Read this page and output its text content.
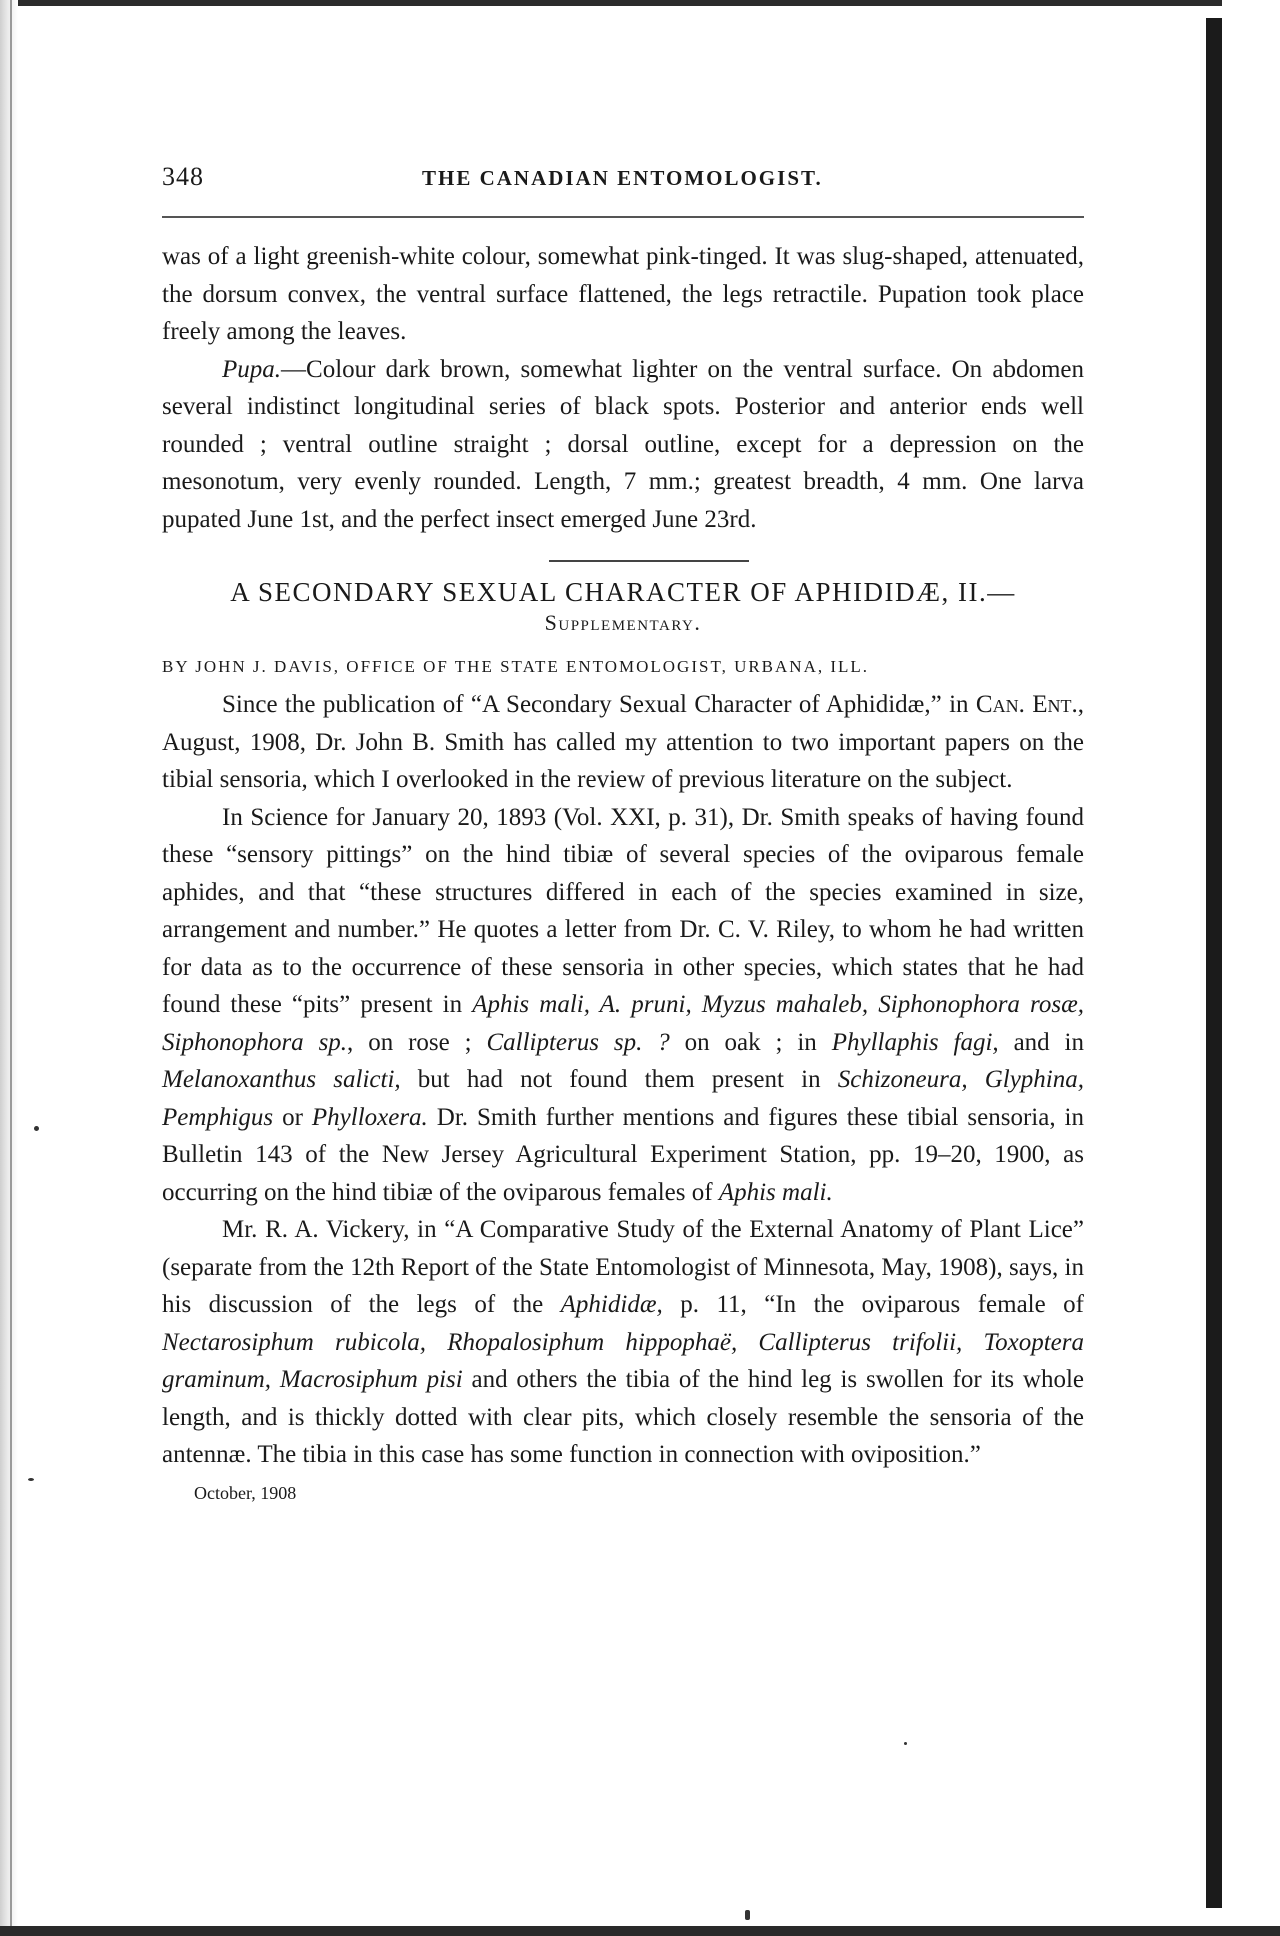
348	THE CANADIAN ENTOMOLOGIST.

was of a light greenish-white colour, somewhat pink-tinged. It was slug-shaped, attenuated, the dorsum convex, the ventral surface flattened, the legs retractile. Pupation took place freely among the leaves.

Pupa.—Colour dark brown, somewhat lighter on the ventral surface. On abdomen several indistinct longitudinal series of black spots. Posterior and anterior ends well rounded ; ventral outline straight ; dorsal outline, except for a depression on the mesonotum, very evenly rounded. Length, 7 mm.; greatest breadth, 4 mm. One larva pupated June 1st, and the perfect insect emerged June 23rd.

A SECONDARY SEXUAL CHARACTER OF APHIDIDÆ, II.—
Supplementary.
BY JOHN J. DAVIS, OFFICE OF THE STATE ENTOMOLOGIST, URBANA, ILL.

Since the publication of “A Secondary Sexual Character of Aphididæ,” in Can. Ent., August, 1908, Dr. John B. Smith has called my attention to two important papers on the tibial sensoria, which I overlooked in the review of previous literature on the subject.

In Science for January 20, 1893 (Vol. XXI, p. 31), Dr. Smith speaks of having found these “sensory pittings” on the hind tibiæ of several species of the oviparous female aphides, and that “these structures differed in each of the species examined in size, arrangement and number.” He quotes a letter from Dr. C. V. Riley, to whom he had written for data as to the occurrence of these sensoria in other species, which states that he had found these “pits” present in Aphis mali, A. pruni, Myzus mahaleb, Siphonophora rosæ, Siphonophora sp., on rose ; Callipterus sp. ? on oak ; in Phyllaphis fagi, and in Melanoxanthus salicti, but had not found them present in Schizoneura, Glyphina, Pemphigus or Phylloxera. Dr. Smith further mentions and figures these tibial sensoria, in Bulletin 143 of the New Jersey Agricultural Experiment Station, pp. 19–20, 1900, as occurring on the hind tibiæ of the oviparous females of Aphis mali.

Mr. R. A. Vickery, in “A Comparative Study of the External Anatomy of Plant Lice” (separate from the 12th Report of the State Entomologist of Minnesota, May, 1908), says, in his discussion of the legs of the Aphididæ, p. 11, “In the oviparous female of Nectarosiphum rubicola, Rhopalosiphum hippophaë, Callipterus trifolii, Toxoptera graminum, Macrosiphum pisi and others the tibia of the hind leg is swollen for its whole length, and is thickly dotted with clear pits, which closely resemble the sensoria of the antennæ. The tibia in this case has some function in connection with oviposition.”

October, 1908
